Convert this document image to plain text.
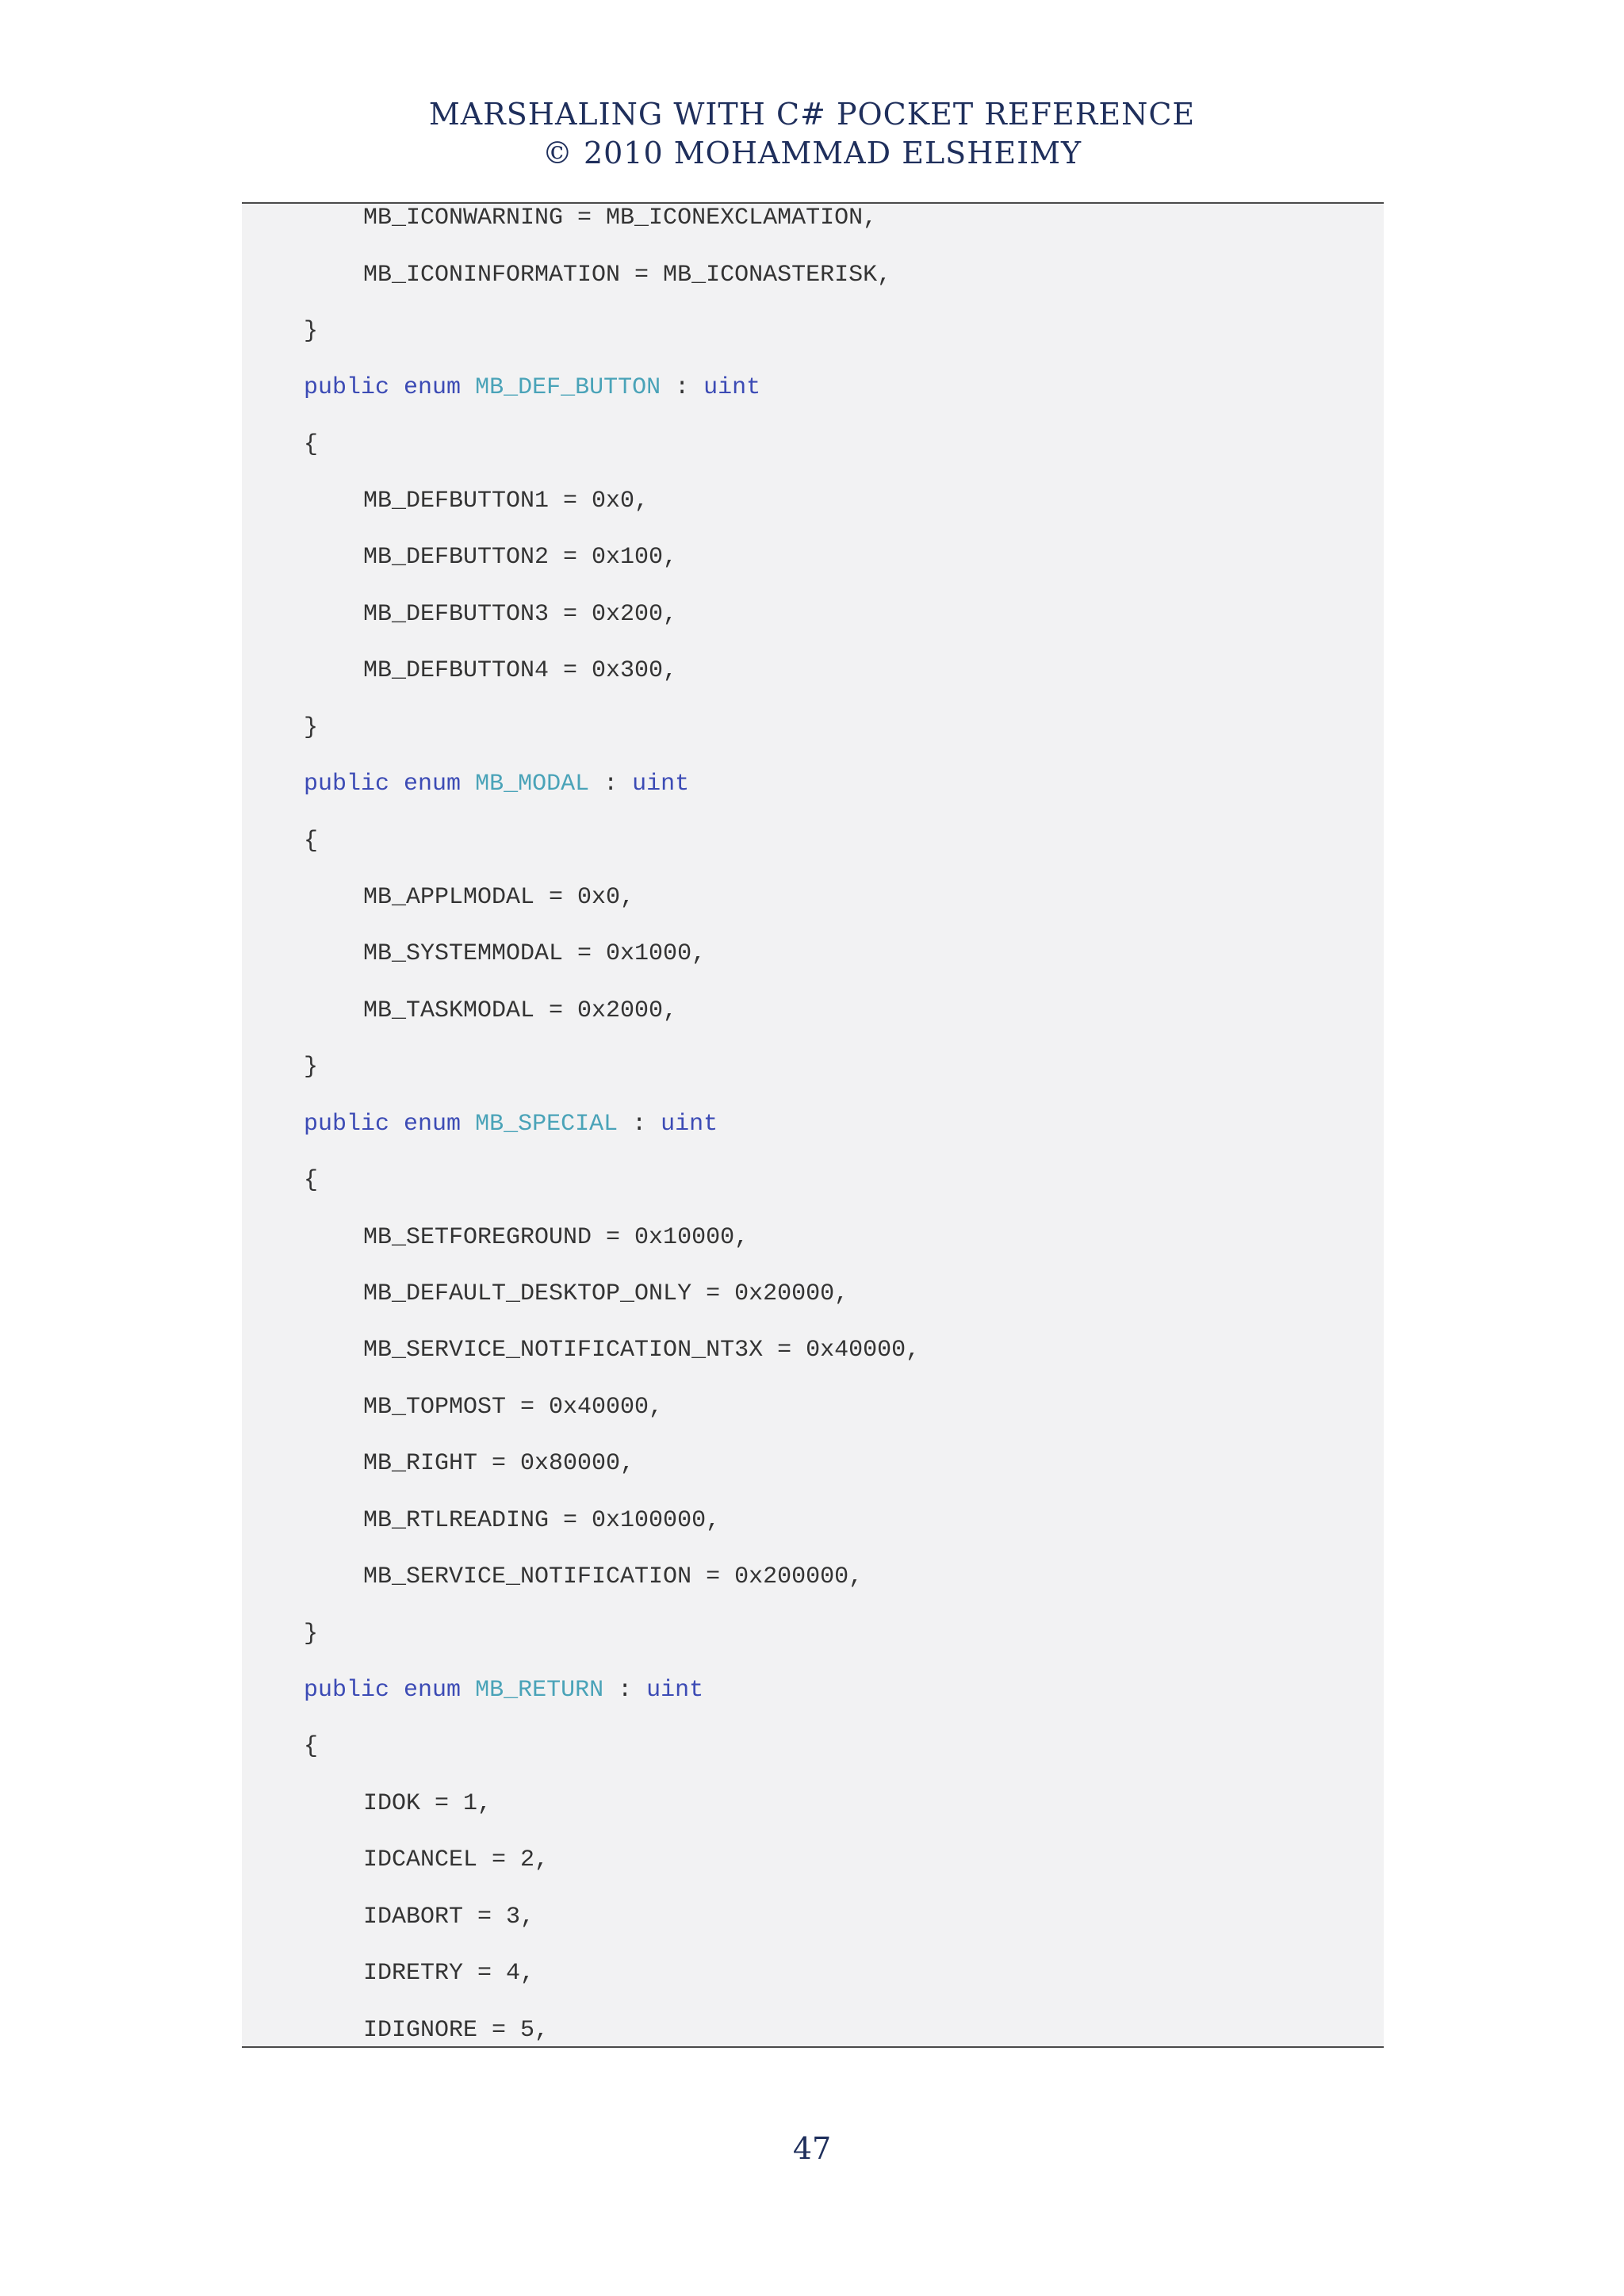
MARSHALING WITH C# POCKET REFERENCE
© 2010 MOHAMMAD ELSHEIMY
MB_ICONWARNING = MB_ICONEXCLAMATION,
MB_ICONINFORMATION = MB_ICONASTERISK,
}
public enum MB_DEF_BUTTON : uint
{
MB_DEFBUTTON1 = 0x0,
MB_DEFBUTTON2 = 0x100,
MB_DEFBUTTON3 = 0x200,
MB_DEFBUTTON4 = 0x300,
}
public enum MB_MODAL : uint
{
MB_APPLMODAL = 0x0,
MB_SYSTEMMODAL = 0x1000,
MB_TASKMODAL = 0x2000,
}
public enum MB_SPECIAL : uint
{
MB_SETFOREGROUND = 0x10000,
MB_DEFAULT_DESKTOP_ONLY = 0x20000,
MB_SERVICE_NOTIFICATION_NT3X = 0x40000,
MB_TOPMOST = 0x40000,
MB_RIGHT = 0x80000,
MB_RTLREADING = 0x100000,
MB_SERVICE_NOTIFICATION = 0x200000,
}
public enum MB_RETURN : uint
{
IDOK = 1,
IDCANCEL = 2,
IDABORT = 3,
IDRETRY = 4,
IDIGNORE = 5,
47
